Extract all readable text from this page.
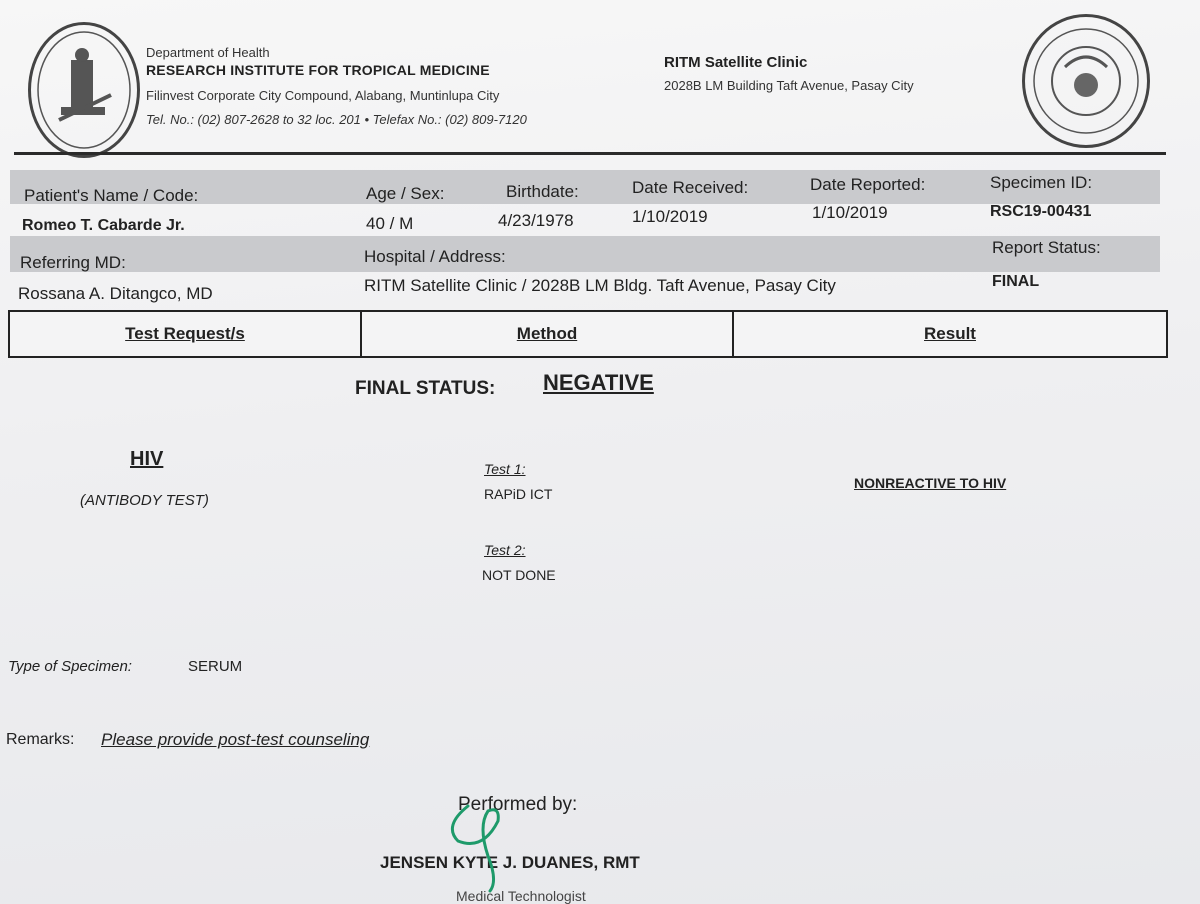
Department of Health
RESEARCH INSTITUTE FOR TROPICAL MEDICINE
Filinvest Corporate City Compound, Alabang, Muntinlupa City
Tel. No.: (02) 807-2628 to 32 loc. 201 • Telefax No.: (02) 809-7120
RITM Satellite Clinic
2028B LM Building Taft Avenue, Pasay City
Patient's Name / Code:	Age / Sex:	Birthdate:	Date Received:	Date Reported:	Specimen ID:
Romeo T. Cabarde Jr.	40 / M	4/23/1978	1/10/2019	1/10/2019	RSC19-00431
Referring MD:	Hospital / Address:	Report Status:
Rossana A. Ditangco, MD	RITM Satellite Clinic / 2028B LM Bldg. Taft Avenue, Pasay City	FINAL
Test Request/s	Method	Result
FINAL STATUS: NEGATIVE
HIV
(ANTIBODY TEST)
Test 1:
RAPiD ICT
Test 2:
NOT DONE
NONREACTIVE TO HIV
Type of Specimen:	SERUM
Remarks: Please provide post-test counseling
Performed by:
JENSEN KYTE J. DUANES, RMT
Medical Technologist
